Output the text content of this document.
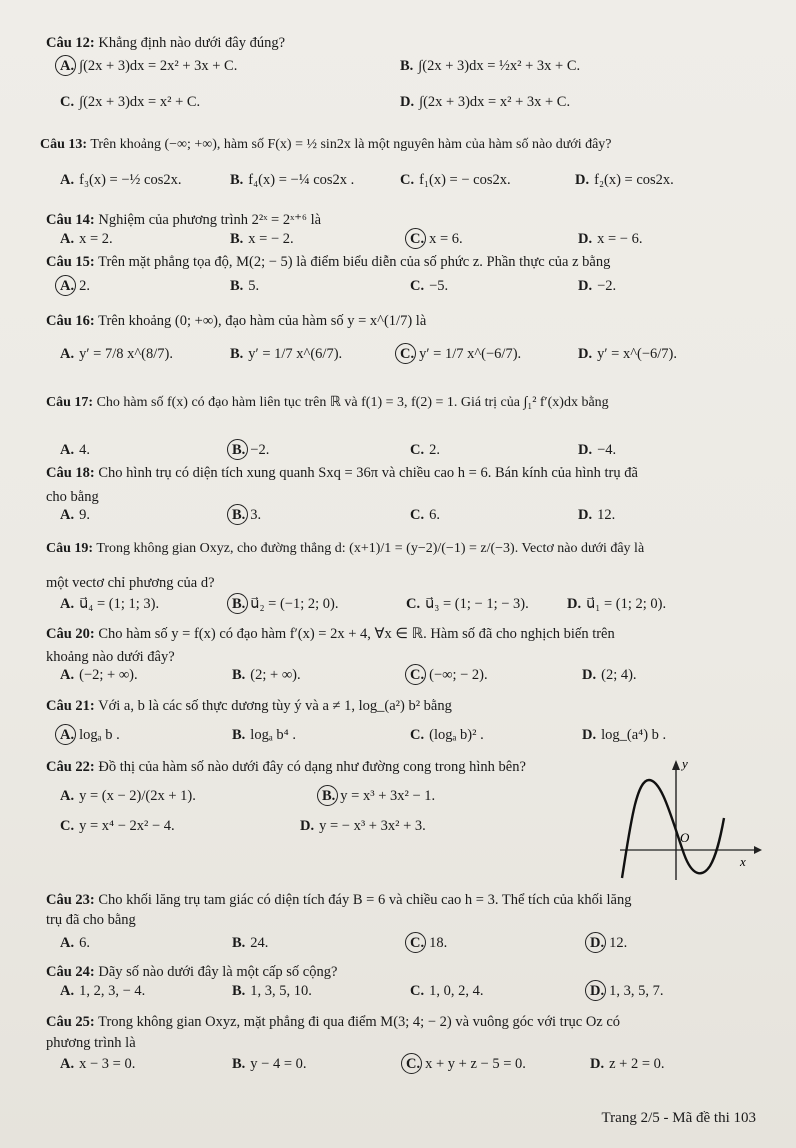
Câu 12: Khẳng định nào dưới đây đúng?
A. ∫(2x + 3)dx = 2x² + 3x + C.	B. ∫(2x + 3)dx = ½x² + 3x + C.
C. ∫(2x + 3)dx = x² + C.	D. ∫(2x + 3)dx = x² + 3x + C.
Câu 13: Trên khoảng (−∞; +∞), hàm số F(x) = ½ sin2x là một nguyên hàm của hàm số nào dưới đây?
A. f₃(x) = −½ cos2x.	B. f₄(x) = −¼ cos2x .	C. f₁(x) = − cos2x.	D. f₂(x) = cos2x.
Câu 14: Nghiệm của phương trình 2²ˣ = 2ˣ⁺⁶ là
A. x = 2.	B. x = − 2.	C. x = 6.	D. x = − 6.
Câu 15: Trên mặt phẳng tọa độ, M(2; − 5) là điểm biểu diễn của số phức z. Phần thực của z bằng
A. 2.	B. 5.	C. −5.	D. −2.
Câu 16: Trên khoảng (0; +∞), đạo hàm của hàm số y = x^(1/7) là
A. y′ = 7/8 x^(8/7).	B. y′ = 1/7 x^(6/7).	C. y′ = 1/7 x^(−6/7).	D. y′ = x^(−6/7).
Câu 17: Cho hàm số f(x) có đạo hàm liên tục trên ℝ và f(1) = 3, f(2) = 1. Giá trị của ∫₁² f′(x)dx bằng
A. 4.	B. −2.	C. 2.	D. −4.
Câu 18: Cho hình trụ có diện tích xung quanh Sxq = 36π và chiều cao h = 6. Bán kính của hình trụ đã
cho bằng
A. 9.	B. 3.	C. 6.	D. 12.
Câu 19: Trong không gian Oxyz, cho đường thẳng d: (x+1)/1 = (y−2)/(−1) = z/(−3). Vectơ nào dưới đây là
một vectơ chỉ phương của d?
A. u⃗₄ = (1; 1; 3).	B. u⃗₂ = (−1; 2; 0).	C. u⃗₃ = (1; − 1; − 3).	D. u⃗₁ = (1; 2; 0).
Câu 20: Cho hàm số y = f(x) có đạo hàm f′(x) = 2x + 4, ∀x ∈ ℝ. Hàm số đã cho nghịch biến trên
khoảng nào dưới đây?
A. (−2; + ∞).	B. (2; + ∞).	C. (−∞; − 2).	D. (2; 4).
Câu 21: Với a, b là các số thực dương tùy ý và a ≠ 1, log_(a²) b² bằng
A. logₐ b .	B. logₐ b⁴ .	C. (logₐ b)² .	D. log_(a⁴) b .
Câu 22: Đồ thị của hàm số nào dưới đây có dạng như đường cong trong hình bên?
A. y = (x − 2)/(2x + 1).	B. y = x³ + 3x² − 1.
C. y = x⁴ − 2x² − 4.	D. y = − x³ + 3x² + 3.
y
x
O
Câu 23: Cho khối lăng trụ tam giác có diện tích đáy B = 6 và chiều cao h = 3. Thể tích của khối lăng
trụ đã cho bằng
A. 6.	B. 24.	C. 18.	D. 12.
Câu 24: Dãy số nào dưới đây là một cấp số cộng?
A. 1, 2, 3, − 4.	B. 1, 3, 5, 10.	C. 1, 0, 2, 4.	D. 1, 3, 5, 7.
Câu 25: Trong không gian Oxyz, mặt phẳng đi qua điểm M(3; 4; − 2) và vuông góc với trục Oz có
phương trình là
A. x − 3 = 0.	B. y − 4 = 0.	C. x + y + z − 5 = 0.	D. z + 2 = 0.
Trang 2/5 - Mã đề thi 103
